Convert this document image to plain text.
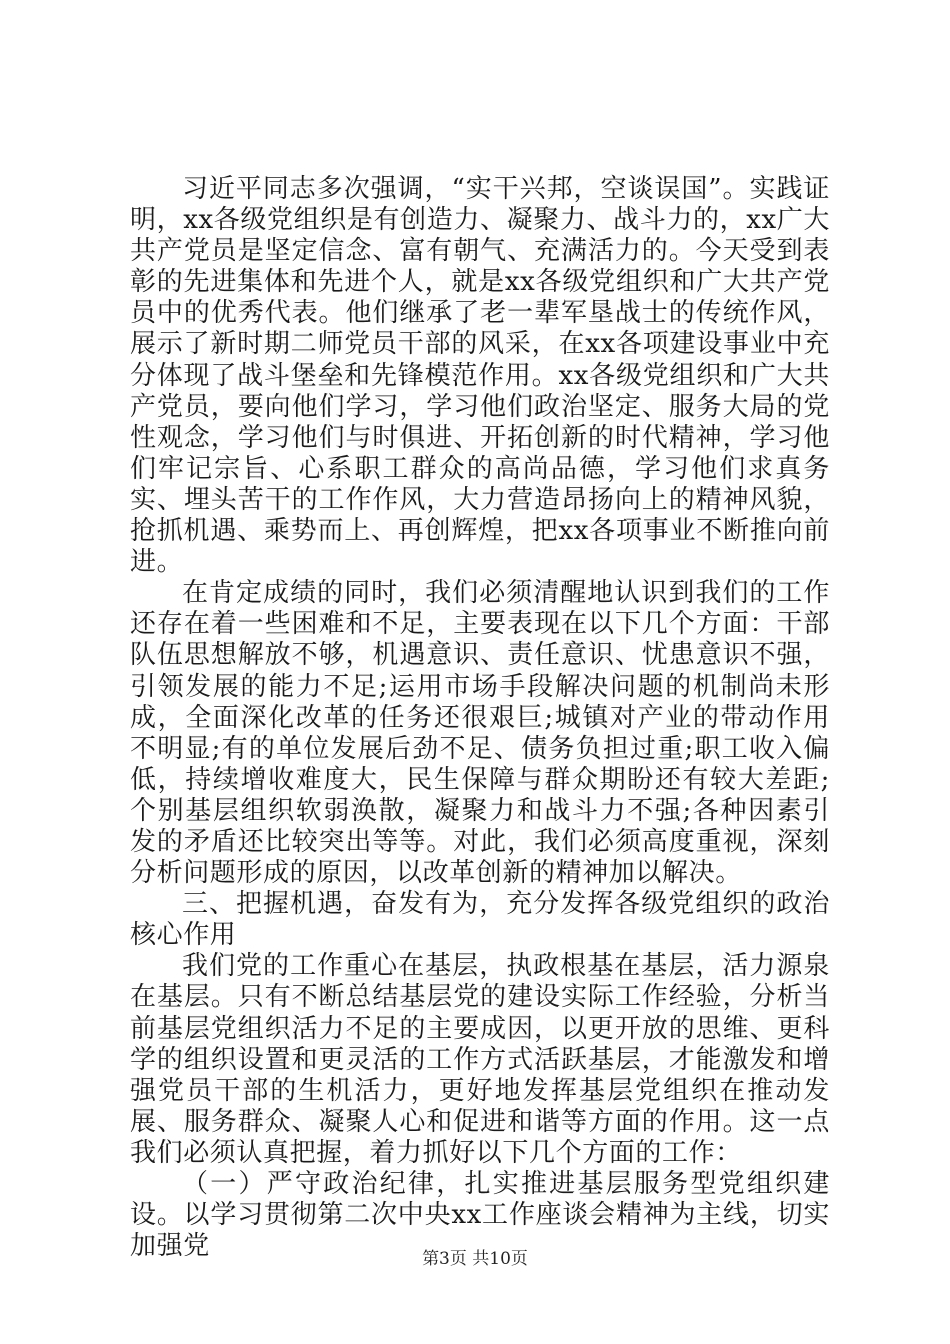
习近平同志多次强调，“实干兴邦，空谈误国”。实践证明，xx各级党组织是有创造力、凝聚力、战斗力的，xx广大共产党员是坚定信念、富有朝气、充满活力的。今天受到表彰的先进集体和先进个人，就是xx各级党组织和广大共产党员中的优秀代表。他们继承了老一辈军垦战士的传统作风，展示了新时期二师党员干部的风采，在xx各项建设事业中充分体现了战斗堡垒和先锋模范作用。xx各级党组织和广大共产党员，要向他们学习，学习他们政治坚定、服务大局的党性观念，学习他们与时俱进、开拓创新的时代精神，学习他们牢记宗旨、心系职工群众的高尚品德，学习他们求真务实、埋头苦干的工作作风，大力营造昂扬向上的精神风貌，抢抓机遇、乘势而上、再创辉煌，把xx各项事业不断推向前进。

在肯定成绩的同时，我们必须清醒地认识到我们的工作还存在着一些困难和不足，主要表现在以下几个方面：干部队伍思想解放不够，机遇意识、责任意识、忧患意识不强，引领发展的能力不足;运用市场手段解决问题的机制尚未形成，全面深化改革的任务还很艰巨;城镇对产业的带动作用不明显;有的单位发展后劲不足、债务负担过重;职工收入偏低，持续增收难度大，民生保障与群众期盼还有较大差距;个别基层组织软弱涣散，凝聚力和战斗力不强;各种因素引发的矛盾还比较突出等等。对此，我们必须高度重视，深刻分析问题形成的原因，以改革创新的精神加以解决。

三、把握机遇，奋发有为，充分发挥各级党组织的政治核心作用

我们党的工作重心在基层，执政根基在基层，活力源泉在基层。只有不断总结基层党的建设实际工作经验，分析当前基层党组织活力不足的主要成因，以更开放的思维、更科学的组织设置和更灵活的工作方式活跃基层，才能激发和增强党员干部的生机活力，更好地发挥基层党组织在推动发展、服务群众、凝聚人心和促进和谐等方面的作用。这一点我们必须认真把握，着力抓好以下几个方面的工作：

（一）严守政治纪律，扎实推进基层服务型党组织建设。以学习贯彻第二次中央xx工作座谈会精神为主线，切实加强党	第3页 共10页
